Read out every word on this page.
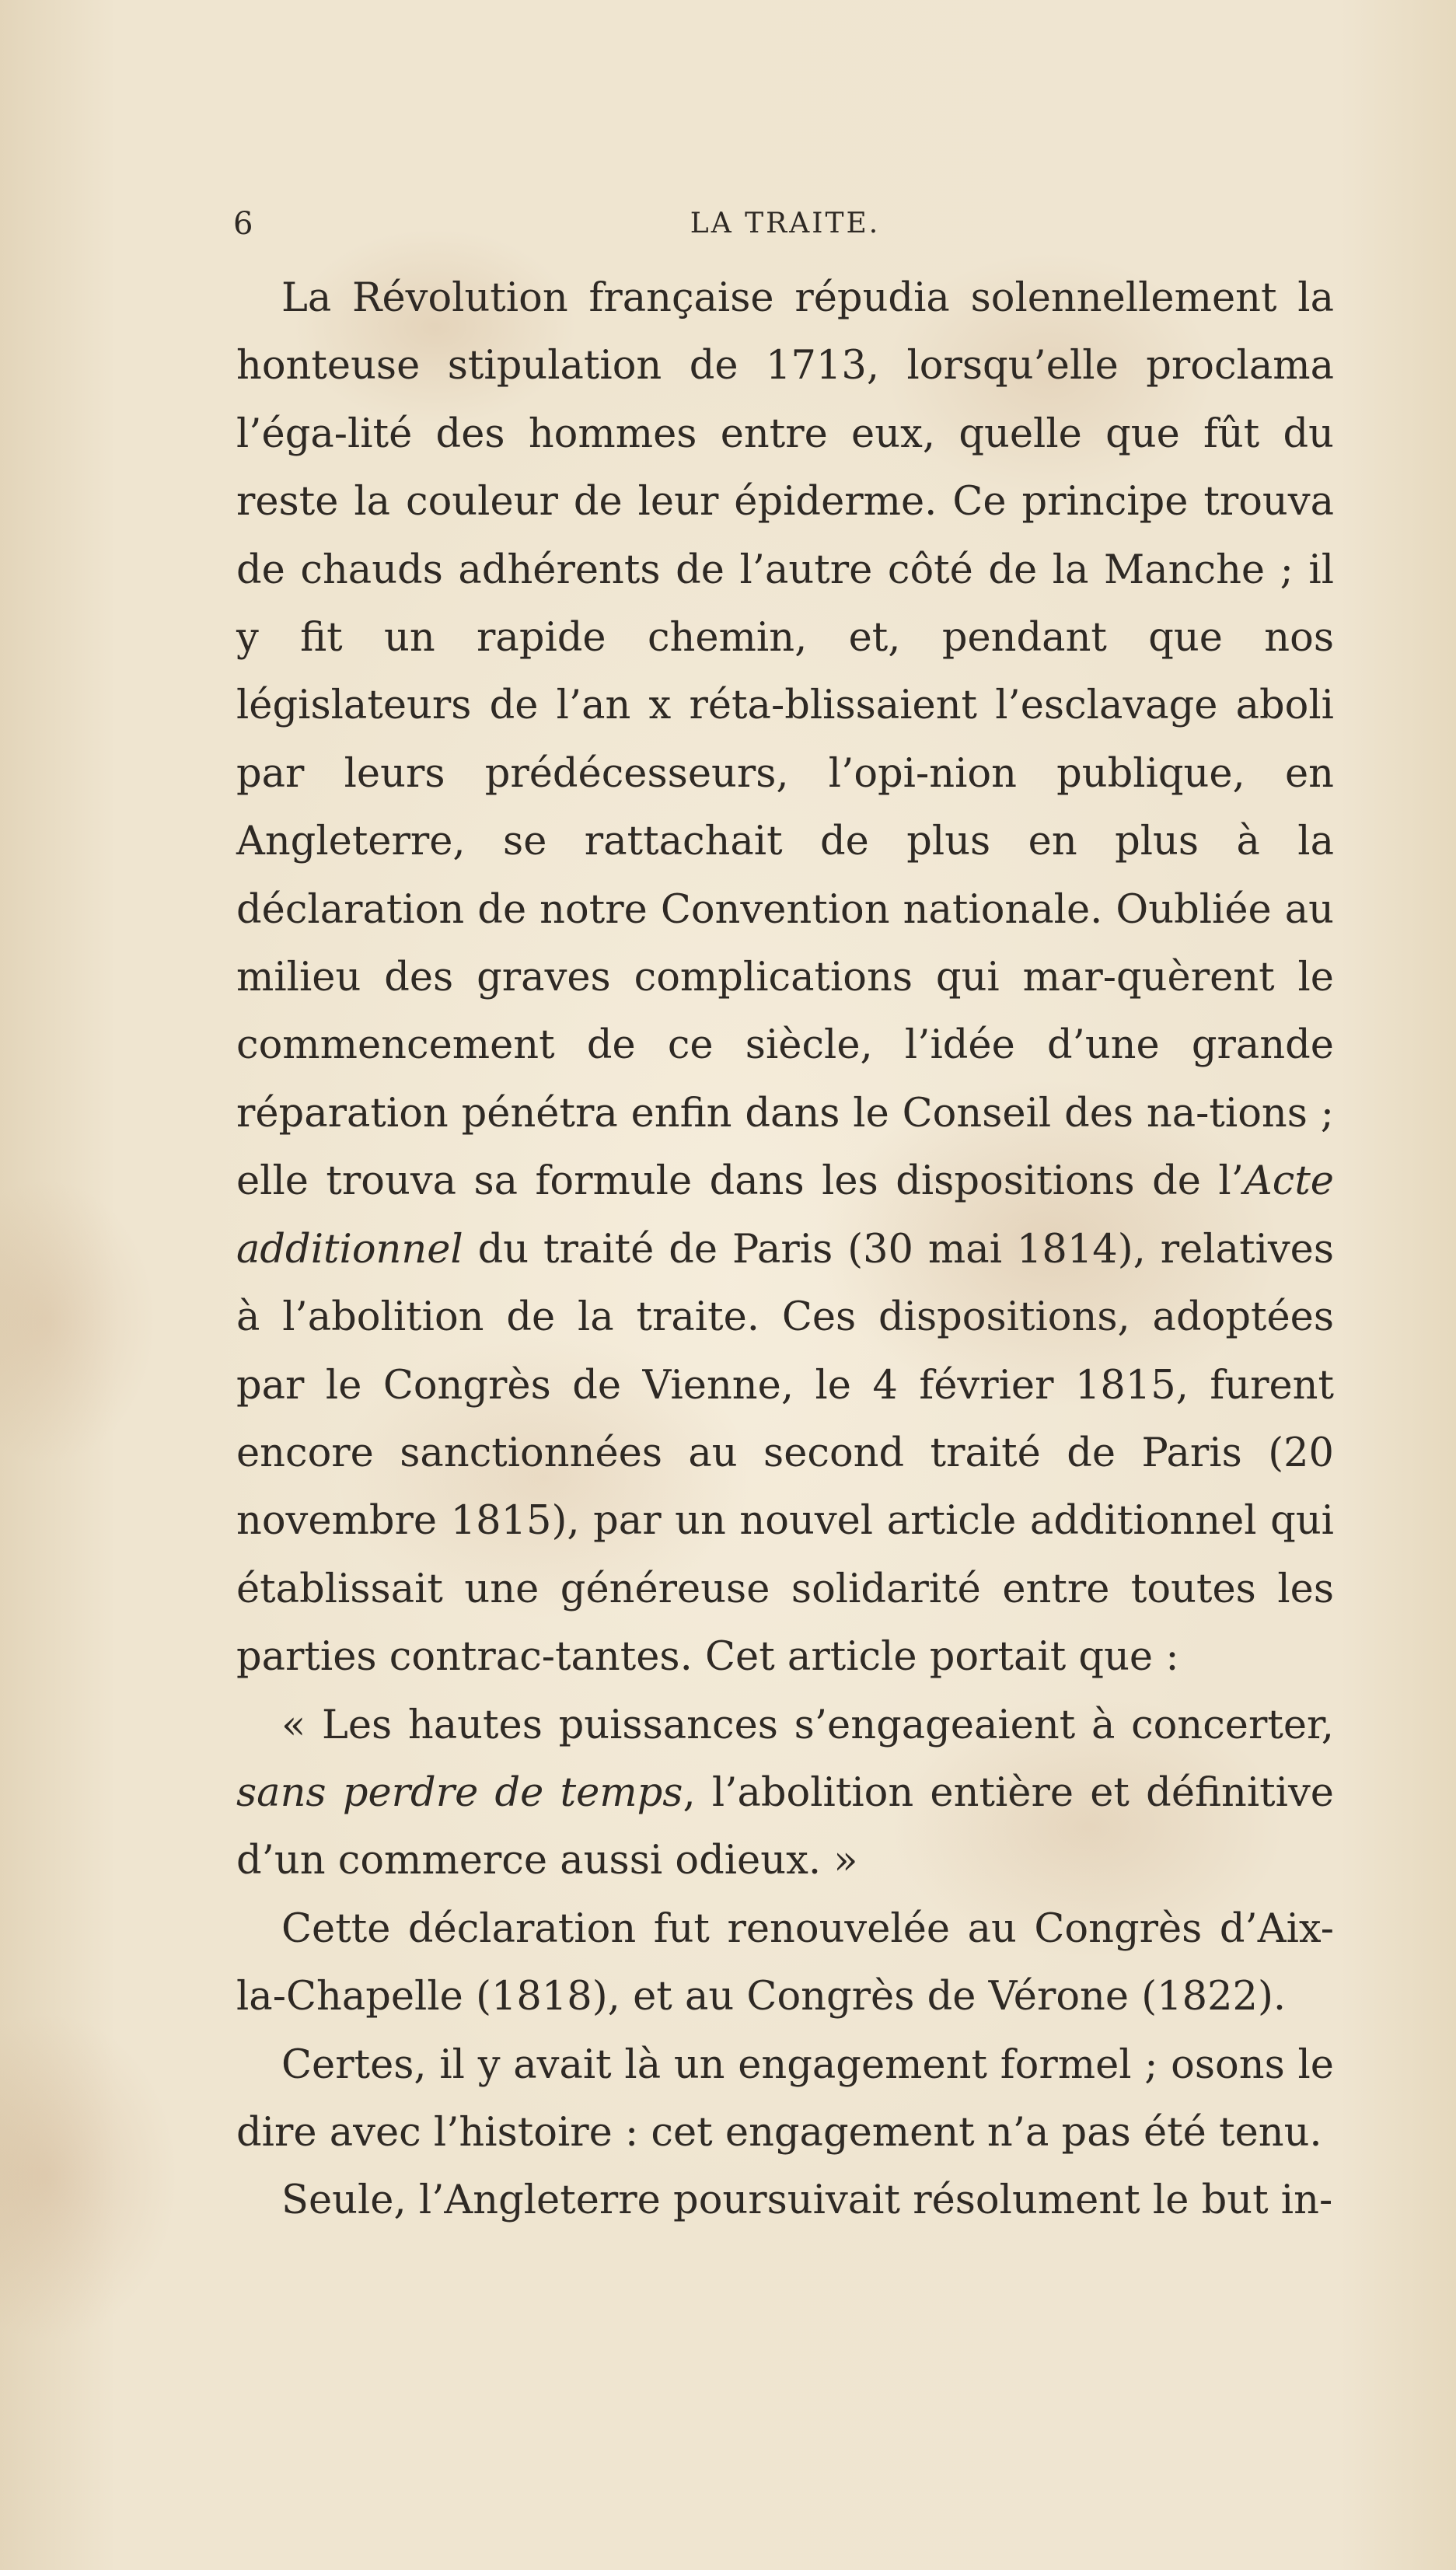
6	LA TRAITE.

La Révolution française répudia solennellement la honteuse stipulation de 1713, lorsqu’elle proclama l’éga-lité des hommes entre eux, quelle que fût du reste la couleur de leur épiderme. Ce principe trouva de chauds adhérents de l’autre côté de la Manche ; il y fit un rapide chemin, et, pendant que nos législateurs de l’an x réta-blissaient l’esclavage aboli par leurs prédécesseurs, l’opi-nion publique, en Angleterre, se rattachait de plus en plus à la déclaration de notre Convention nationale. Oubliée au milieu des graves complications qui mar-quèrent le commencement de ce siècle, l’idée d’une grande réparation pénétra enfin dans le Conseil des na-tions ; elle trouva sa formule dans les dispositions de l’Acte additionnel du traité de Paris (30 mai 1814), relatives à l’abolition de la traite. Ces dispositions, adoptées par le Congrès de Vienne, le 4 février 1815, furent encore sanctionnées au second traité de Paris (20 novembre 1815), par un nouvel article additionnel qui établissait une généreuse solidarité entre toutes les parties contrac-tantes. Cet article portait que :

« Les hautes puissances s’engageaient à concerter, sans perdre de temps, l’abolition entière et définitive d’un commerce aussi odieux. »

Cette déclaration fut renouvelée au Congrès d’Aix-la-Chapelle (1818), et au Congrès de Vérone (1822).

Certes, il y avait là un engagement formel ; osons le dire avec l’histoire : cet engagement n’a pas été tenu.

Seule, l’Angleterre poursuivait résolument le but in-
